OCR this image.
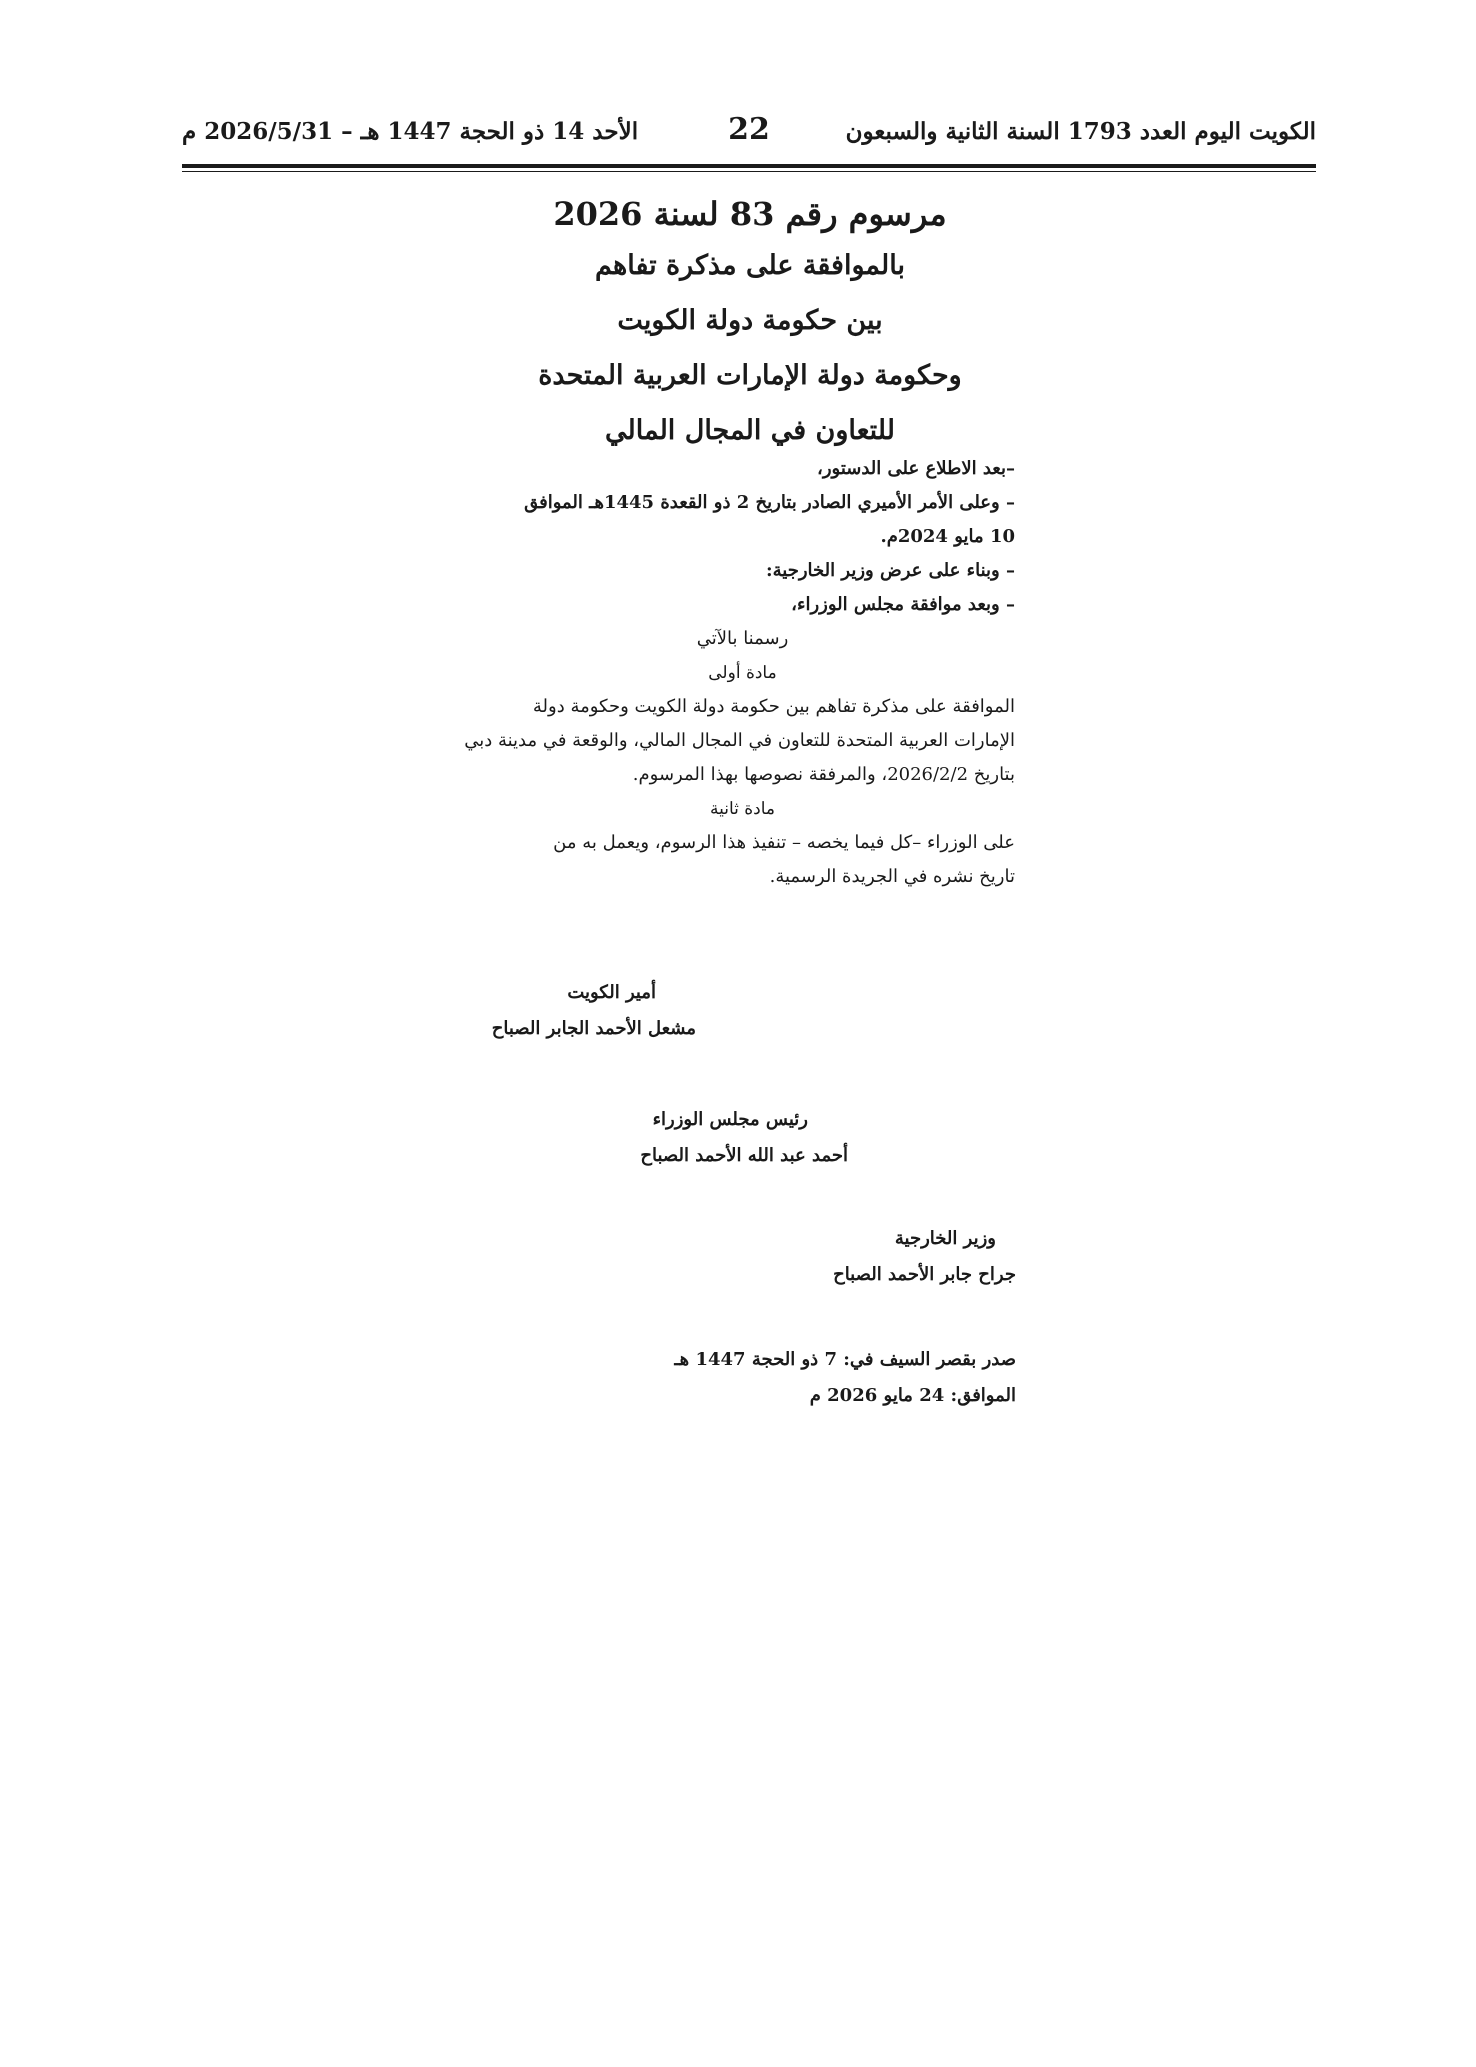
الكويت اليوم العدد 1793 السنة الثانية والسبعون
22
الأحد 14 ذو الحجة 1447 هـ – 2026/5/31 م
مرسوم رقم 83 لسنة 2026
بالموافقة على مذكرة تفاهم
بين حكومة دولة الكويت
وحكومة دولة الإمارات العربية المتحدة
للتعاون في المجال المالي
–بعد الاطلاع على الدستور،
– وعلى الأمر الأميري الصادر بتاريخ 2 ذو القعدة 1445هـ الموافق
10 مايو 2024م.
– وبناء على عرض وزير الخارجية:
– وبعد موافقة مجلس الوزراء،
رسمنا بالآتي
مادة أولى
الموافقة على مذكرة تفاهم بين حكومة دولة الكويت وحكومة دولة
الإمارات العربية المتحدة للتعاون في المجال المالي، والوقعة في مدينة دبي
بتاريخ 2026/2/2، والمرفقة نصوصها بهذا المرسوم.
مادة ثانية
على الوزراء –كل فيما يخصه – تنفيذ هذا الرسوم، ويعمل به من
تاريخ نشره في الجريدة الرسمية.
أمير الكويت
مشعل الأحمد الجابر الصباح
رئيس مجلس الوزراء
أحمد عبد الله الأحمد الصباح
وزير الخارجية
جراح جابر الأحمد الصباح
صدر بقصر السيف في: 7 ذو الحجة 1447 هـ
الموافق: 24 مايو 2026 م
